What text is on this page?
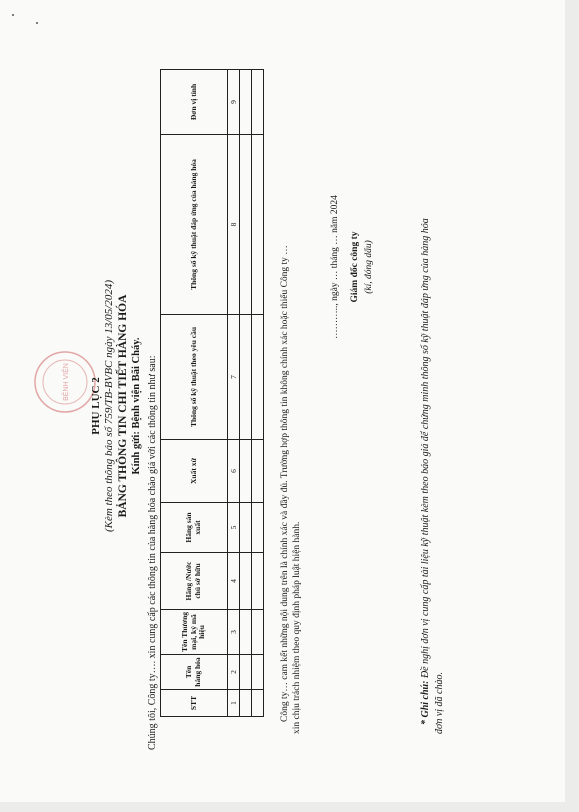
BỆNH VIỆN PHỤ LỤC 2 (Kèm theo thông báo số 759/TB-BVBC ngày 13/05/2024) BẢNG THÔNG TIN CHI TIẾT HÀNG HÓA Kính gửi: Bệnh viện Bãi Cháy. Chúng tôi, Công ty…. xin cung cấp các thông tin của hàng hóa chào giá với các thông tin như sau:	STT	Tên hàng hóa	Tên Thương mại, ký mã hiệu	Hãng /Nước chủ sở hữu	Hãng sản xuất	Xuất xứ	Thông số kỹ thuật theo yêu cầu	Thông số kỹ thuật đáp ứng của hàng hóa	Đơn vị tính
1	2	3	4	5	6	7	8	9

Công ty… cam kết những nội dung trên là chính xác và đầy đủ. Trường hợp thông tin không chính xác hoặc thiếu Công ty … xin chịu trách nhiệm theo quy định pháp luật hiện hành.
……….., ngày … tháng … năm 2024 Giám đốc công ty (kí, đóng dấu)
* Ghi chú: Đề nghị đơn vị cung cấp tài liệu kỹ thuật kèm theo báo giá để chứng minh thông số kỹ thuật đáp ứng của hàng hóa
đơn vị đã chào.
